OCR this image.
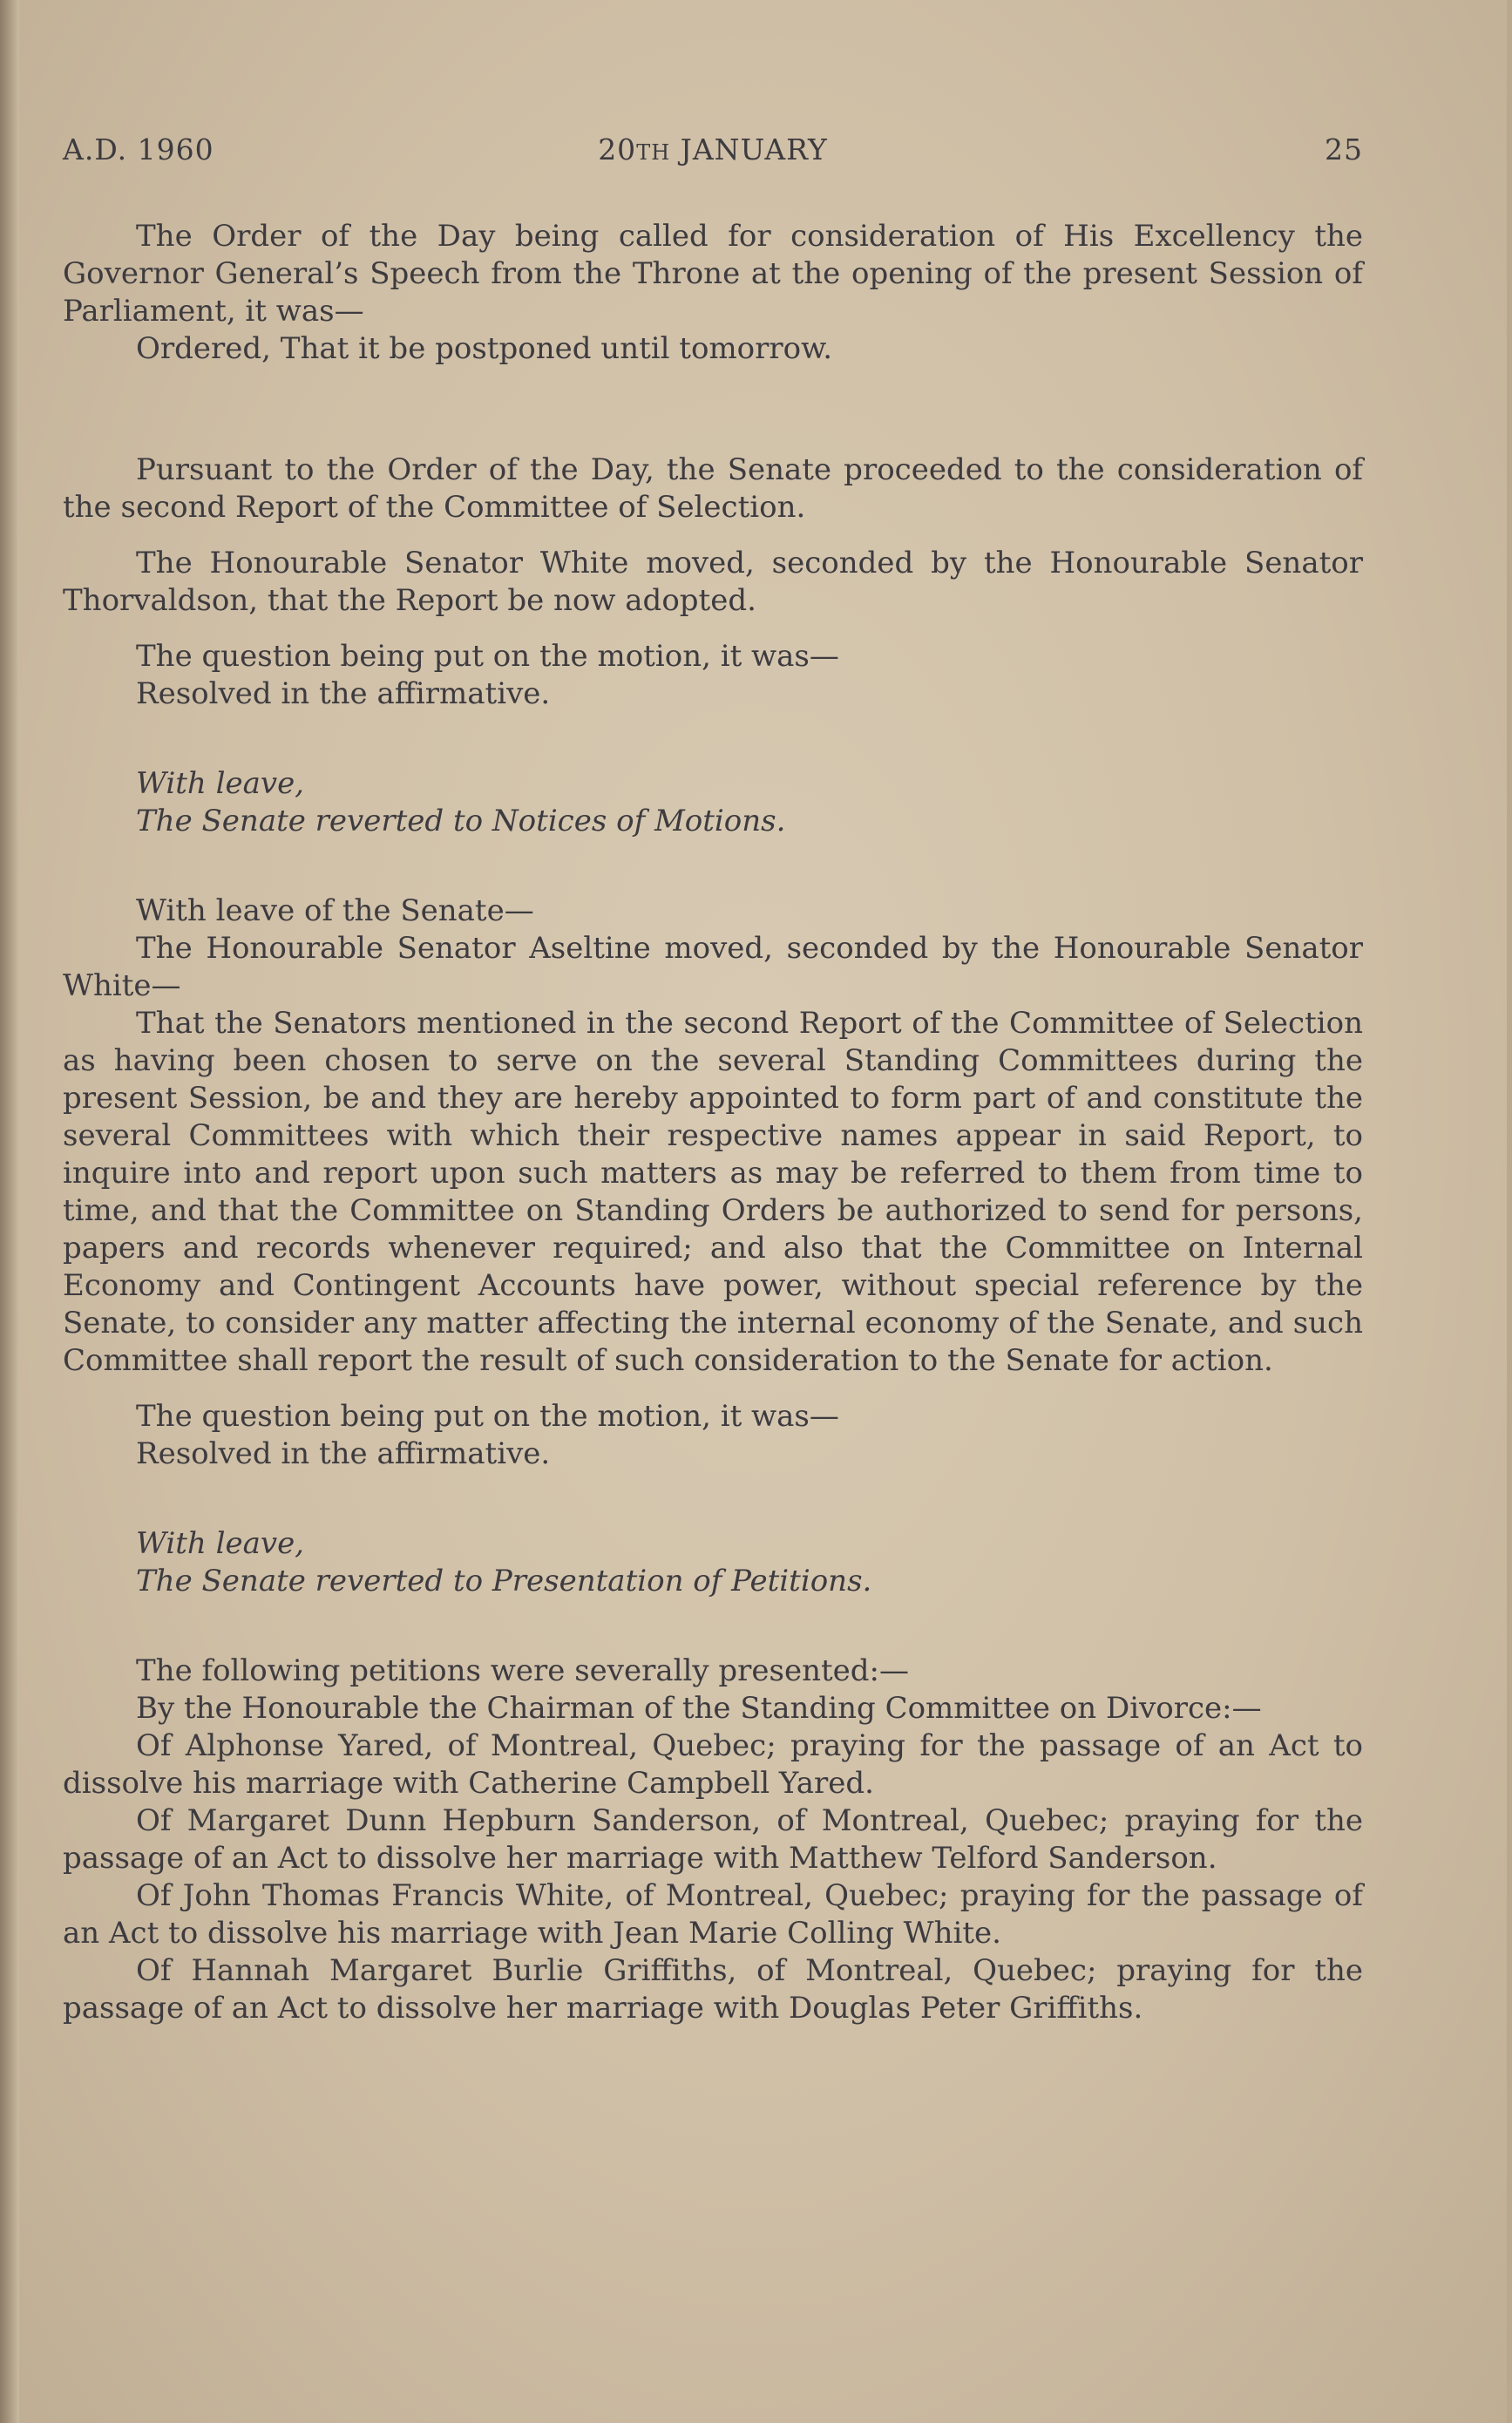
A.D. 1960	20TH JANUARY	25

The Order of the Day being called for consideration of His Excellency the Governor General’s Speech from the Throne at the opening of the present Session of Parliament, it was—

Ordered, That it be postponed until tomorrow.

Pursuant to the Order of the Day, the Senate proceeded to the consideration of the second Report of the Committee of Selection.

The Honourable Senator White moved, seconded by the Honourable Senator Thorvaldson, that the Report be now adopted.

The question being put on the motion, it was—

Resolved in the affirmative.

With leave,

The Senate reverted to Notices of Motions.

With leave of the Senate—

The Honourable Senator Aseltine moved, seconded by the Honourable Senator White—

That the Senators mentioned in the second Report of the Committee of Selection as having been chosen to serve on the several Standing Committees during the present Session, be and they are hereby appointed to form part of and constitute the several Committees with which their respective names appear in said Report, to inquire into and report upon such matters as may be referred to them from time to time, and that the Committee on Standing Orders be authorized to send for persons, papers and records whenever required; and also that the Committee on Internal Economy and Contingent Accounts have power, without special reference by the Senate, to consider any matter affecting the internal economy of the Senate, and such Committee shall report the result of such consideration to the Senate for action.

The question being put on the motion, it was—

Resolved in the affirmative.

With leave,

The Senate reverted to Presentation of Petitions.

The following petitions were severally presented:—

By the Honourable the Chairman of the Standing Committee on Divorce:—

Of Alphonse Yared, of Montreal, Quebec; praying for the passage of an Act to dissolve his marriage with Catherine Campbell Yared.

Of Margaret Dunn Hepburn Sanderson, of Montreal, Quebec; praying for the passage of an Act to dissolve her marriage with Matthew Telford Sanderson.

Of John Thomas Francis White, of Montreal, Quebec; praying for the passage of an Act to dissolve his marriage with Jean Marie Colling White.

Of Hannah Margaret Burlie Griffiths, of Montreal, Quebec; praying for the passage of an Act to dissolve her marriage with Douglas Peter Griffiths.
